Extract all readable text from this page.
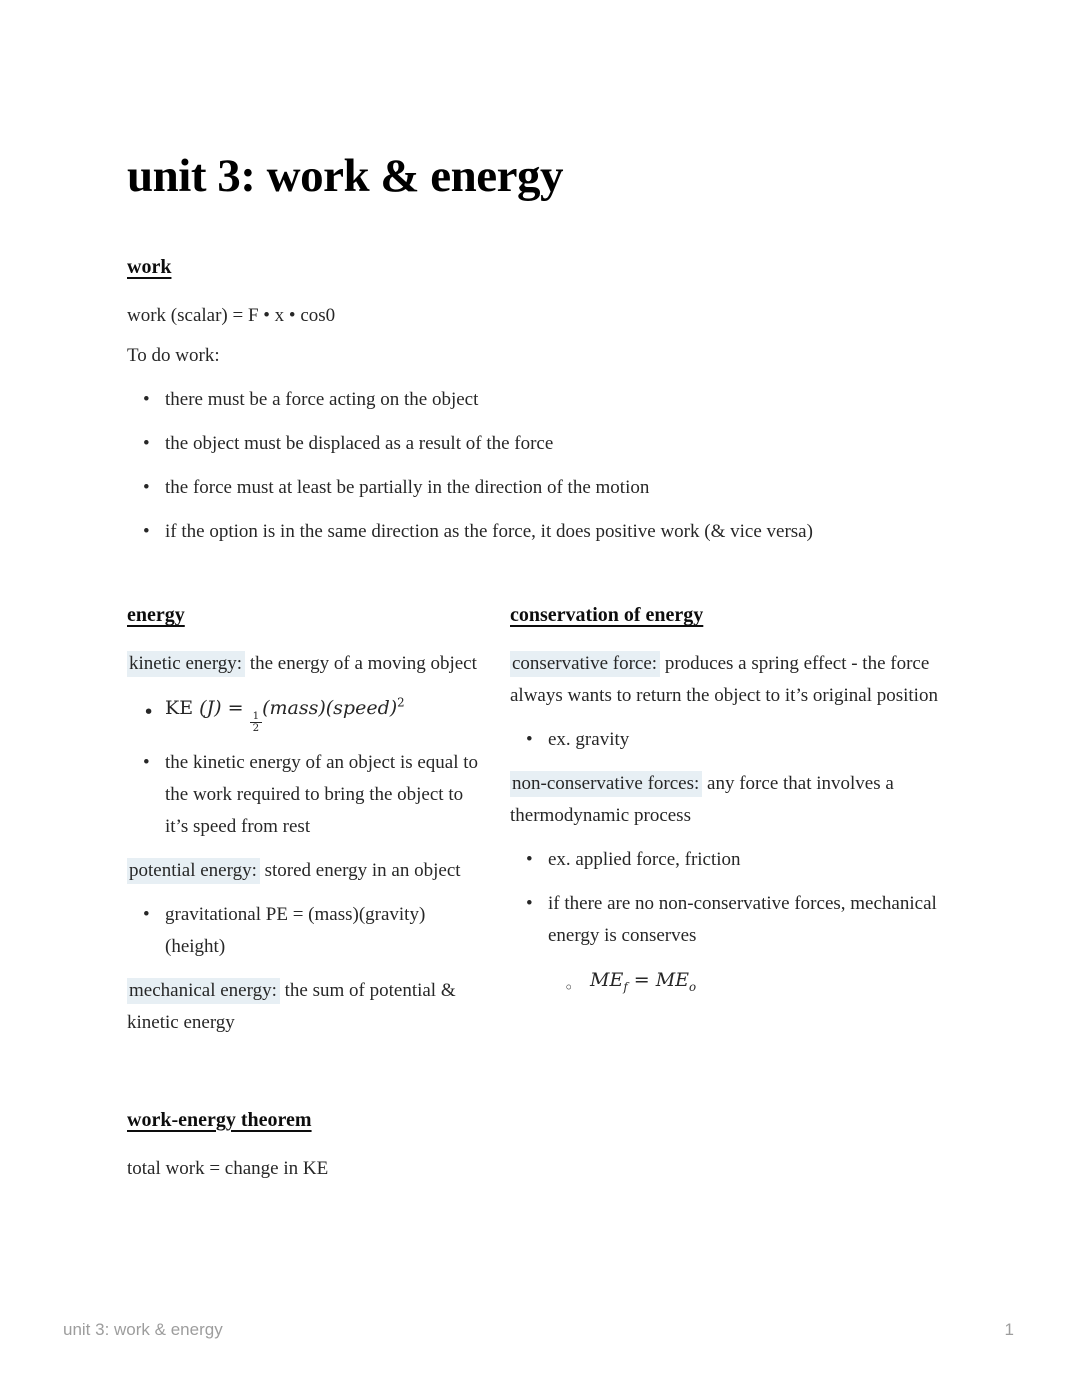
unit 3: work & energy
work

work (scalar) = F • x • cos0

To do work:

• there must be a force acting on the object
• the object must be displaced as a result of the force
• the force must at least be partially in the direction of the motion
• if the option is in the same direction as the force, it does positive work (& vice versa)
energy

kinetic energy: the energy of a moving object

• KE (J) =
$\frac{1}{2}$
(mass)(speed)$^2$
• the kinetic energy of an object is equal to the work required to bring the object to it’s speed from rest

potential energy: stored energy in an object

• gravitational PE = (mass)(gravity)(height)

mechanical energy: the sum of potential & kinetic energy

conservation of energy

conservative force: produces a spring effect - the force always wants to return the object to it’s original position

• ex. gravity

non-conservative forces: any force that involves a thermodynamic process

• ex. applied force, friction
• if there are no non-conservative forces, mechanical energy is conserves
◦ $ME_f = ME_o$
work-energy theorem

total work = change in KE

unit 3: work & energy	1
